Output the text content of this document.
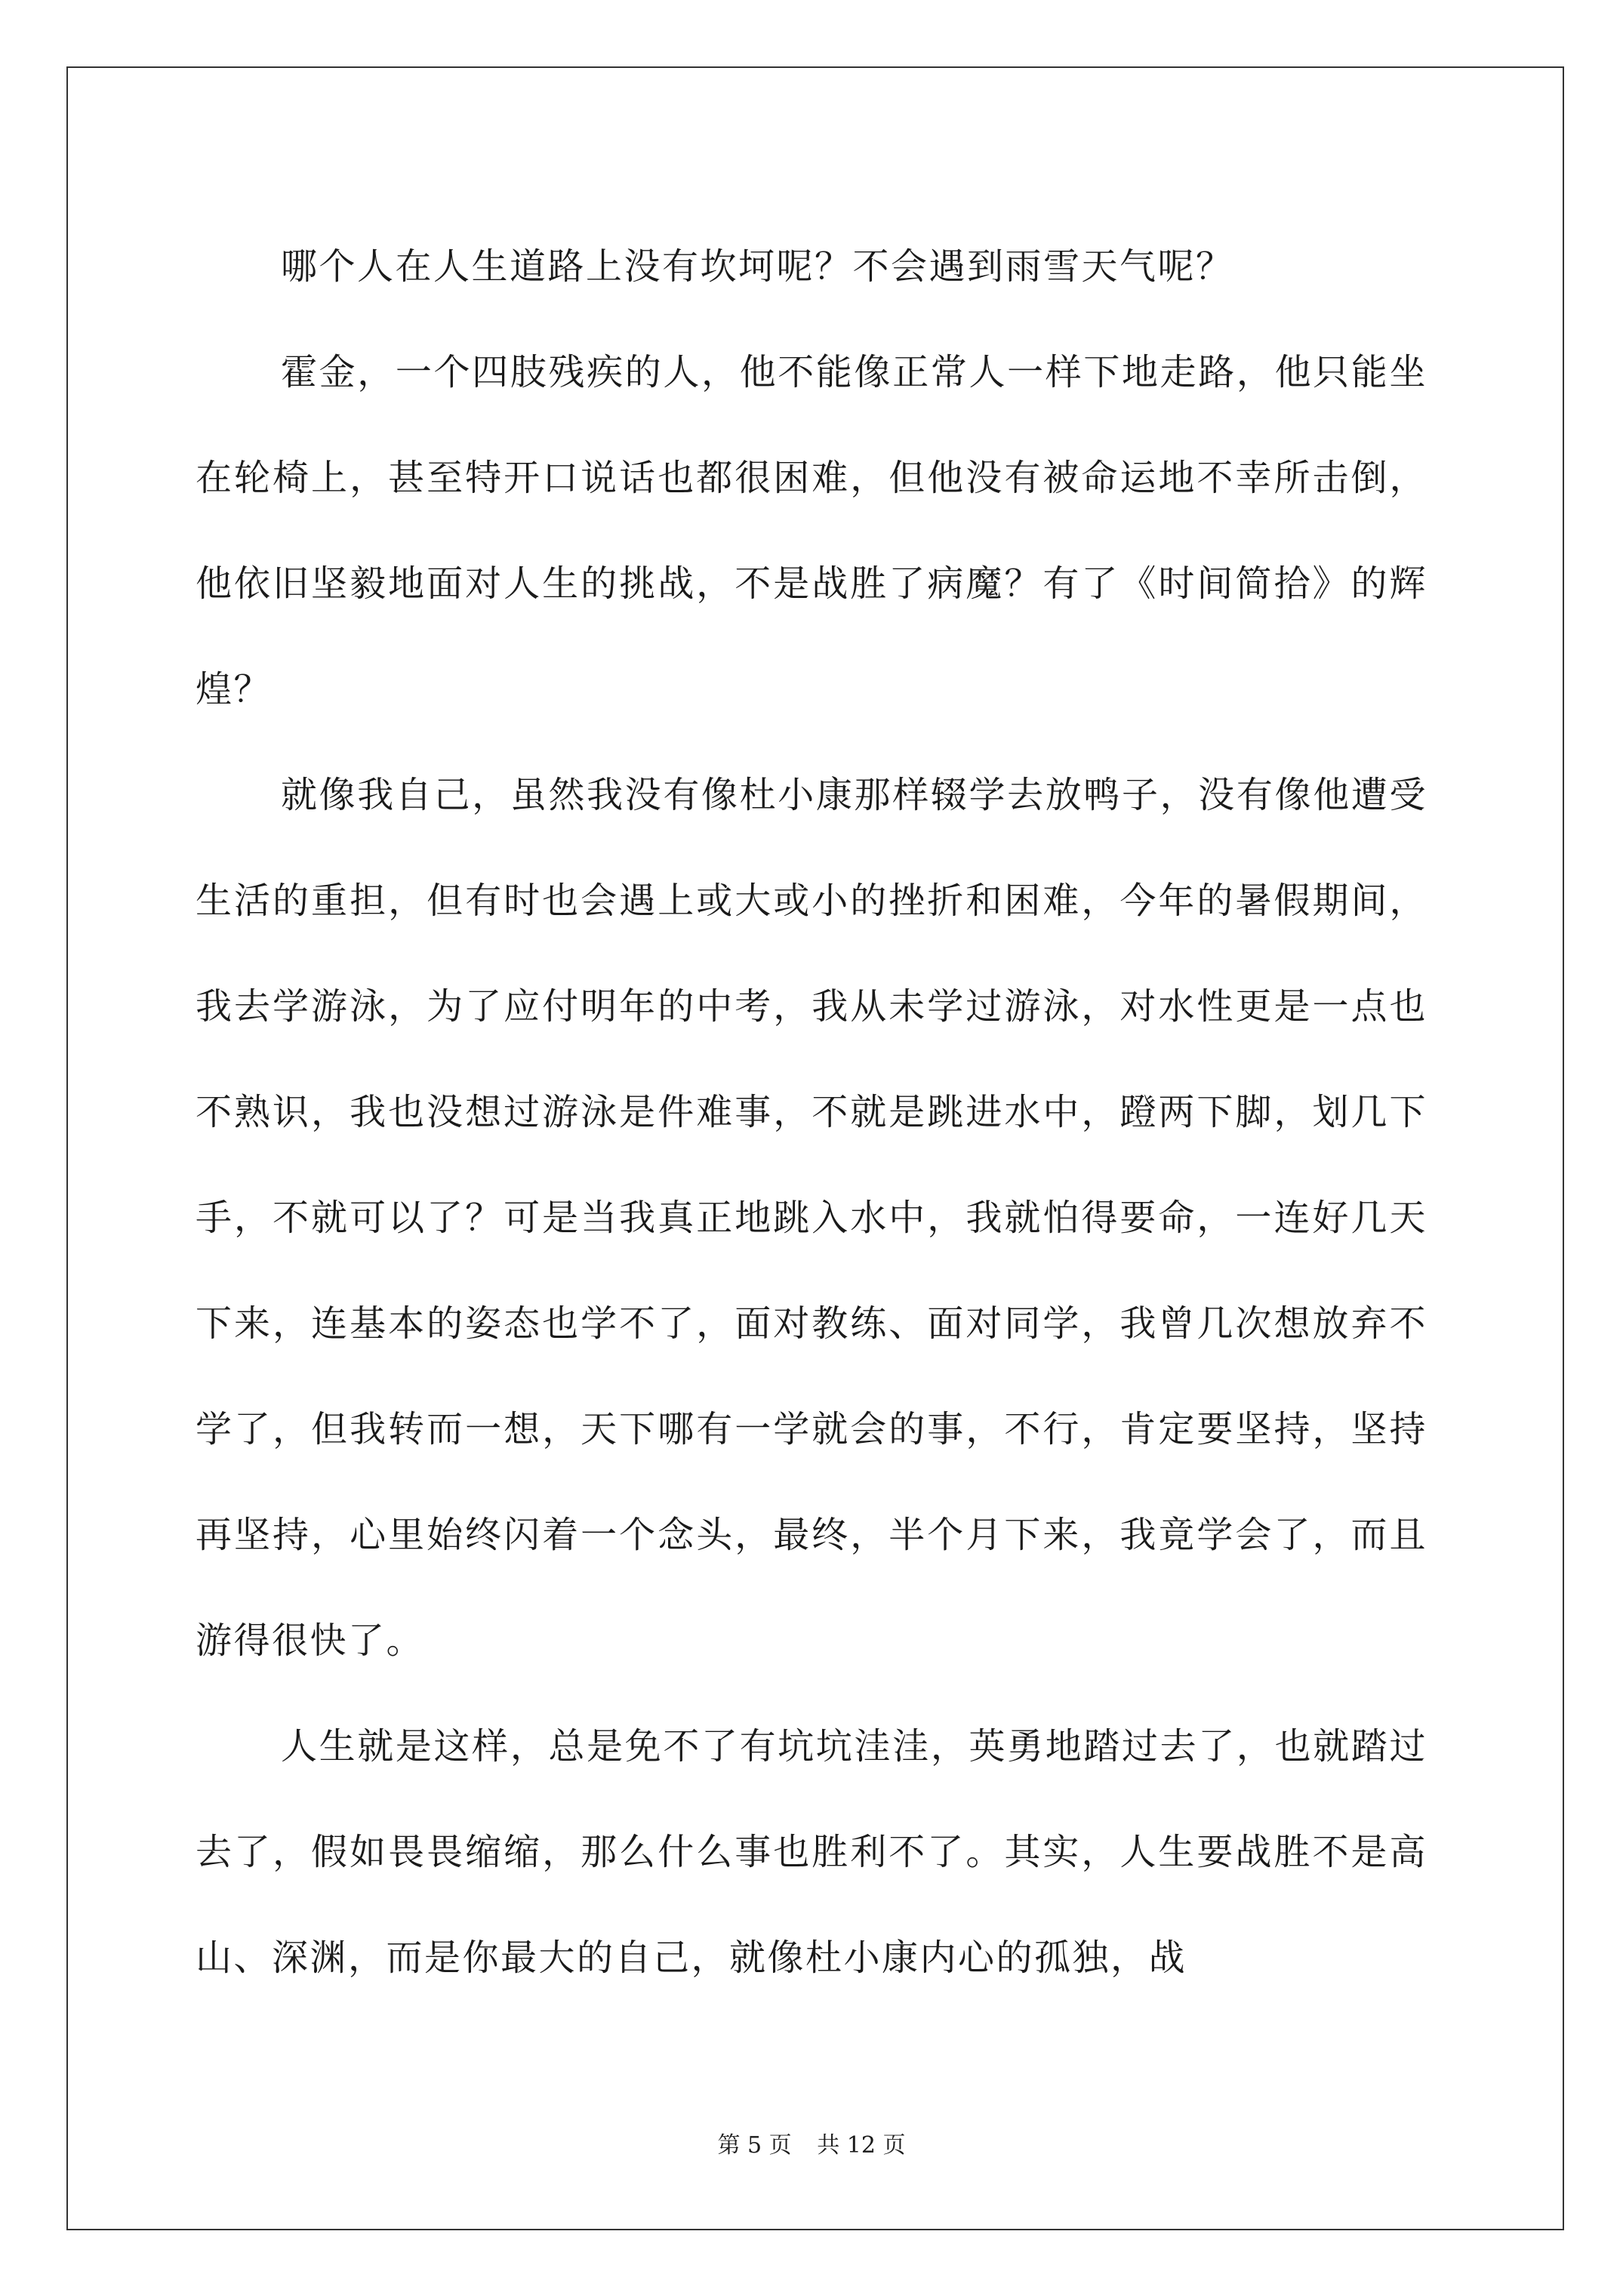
哪个人在人生道路上没有坎坷呢？不会遇到雨雪天气呢？

霍金，一个四肢残疾的人，他不能像正常人一样下地走路，他只能坐在轮椅上，甚至特开口说话也都很困难，但他没有被命运地不幸所击倒，他依旧坚毅地面对人生的挑战，不是战胜了病魔？有了《时间简拾》的辉煌？

就像我自己，虽然我没有像杜小康那样辍学去放鸭子，没有像他遭受生活的重担，但有时也会遇上或大或小的挫折和困难，今年的暑假期间，我去学游泳，为了应付明年的中考，我从未学过游泳，对水性更是一点也不熟识，我也没想过游泳是件难事，不就是跳进水中，蹬两下脚，划几下手，不就可以了？可是当我真正地跳入水中，我就怕得要命，一连好几天下来，连基本的姿态也学不了，面对教练、面对同学，我曾几次想放弃不学了，但我转而一想，天下哪有一学就会的事，不行，肯定要坚持，坚持再坚持，心里始终闪着一个念头，最终，半个月下来，我竟学会了，而且游得很快了。

人生就是这样，总是免不了有坑坑洼洼，英勇地踏过去了，也就踏过去了，假如畏畏缩缩，那么什么事也胜利不了。其实，人生要战胜不是高山、深渊，而是你最大的自己，就像杜小康内心的孤独，战

第 5 页 共 12 页
